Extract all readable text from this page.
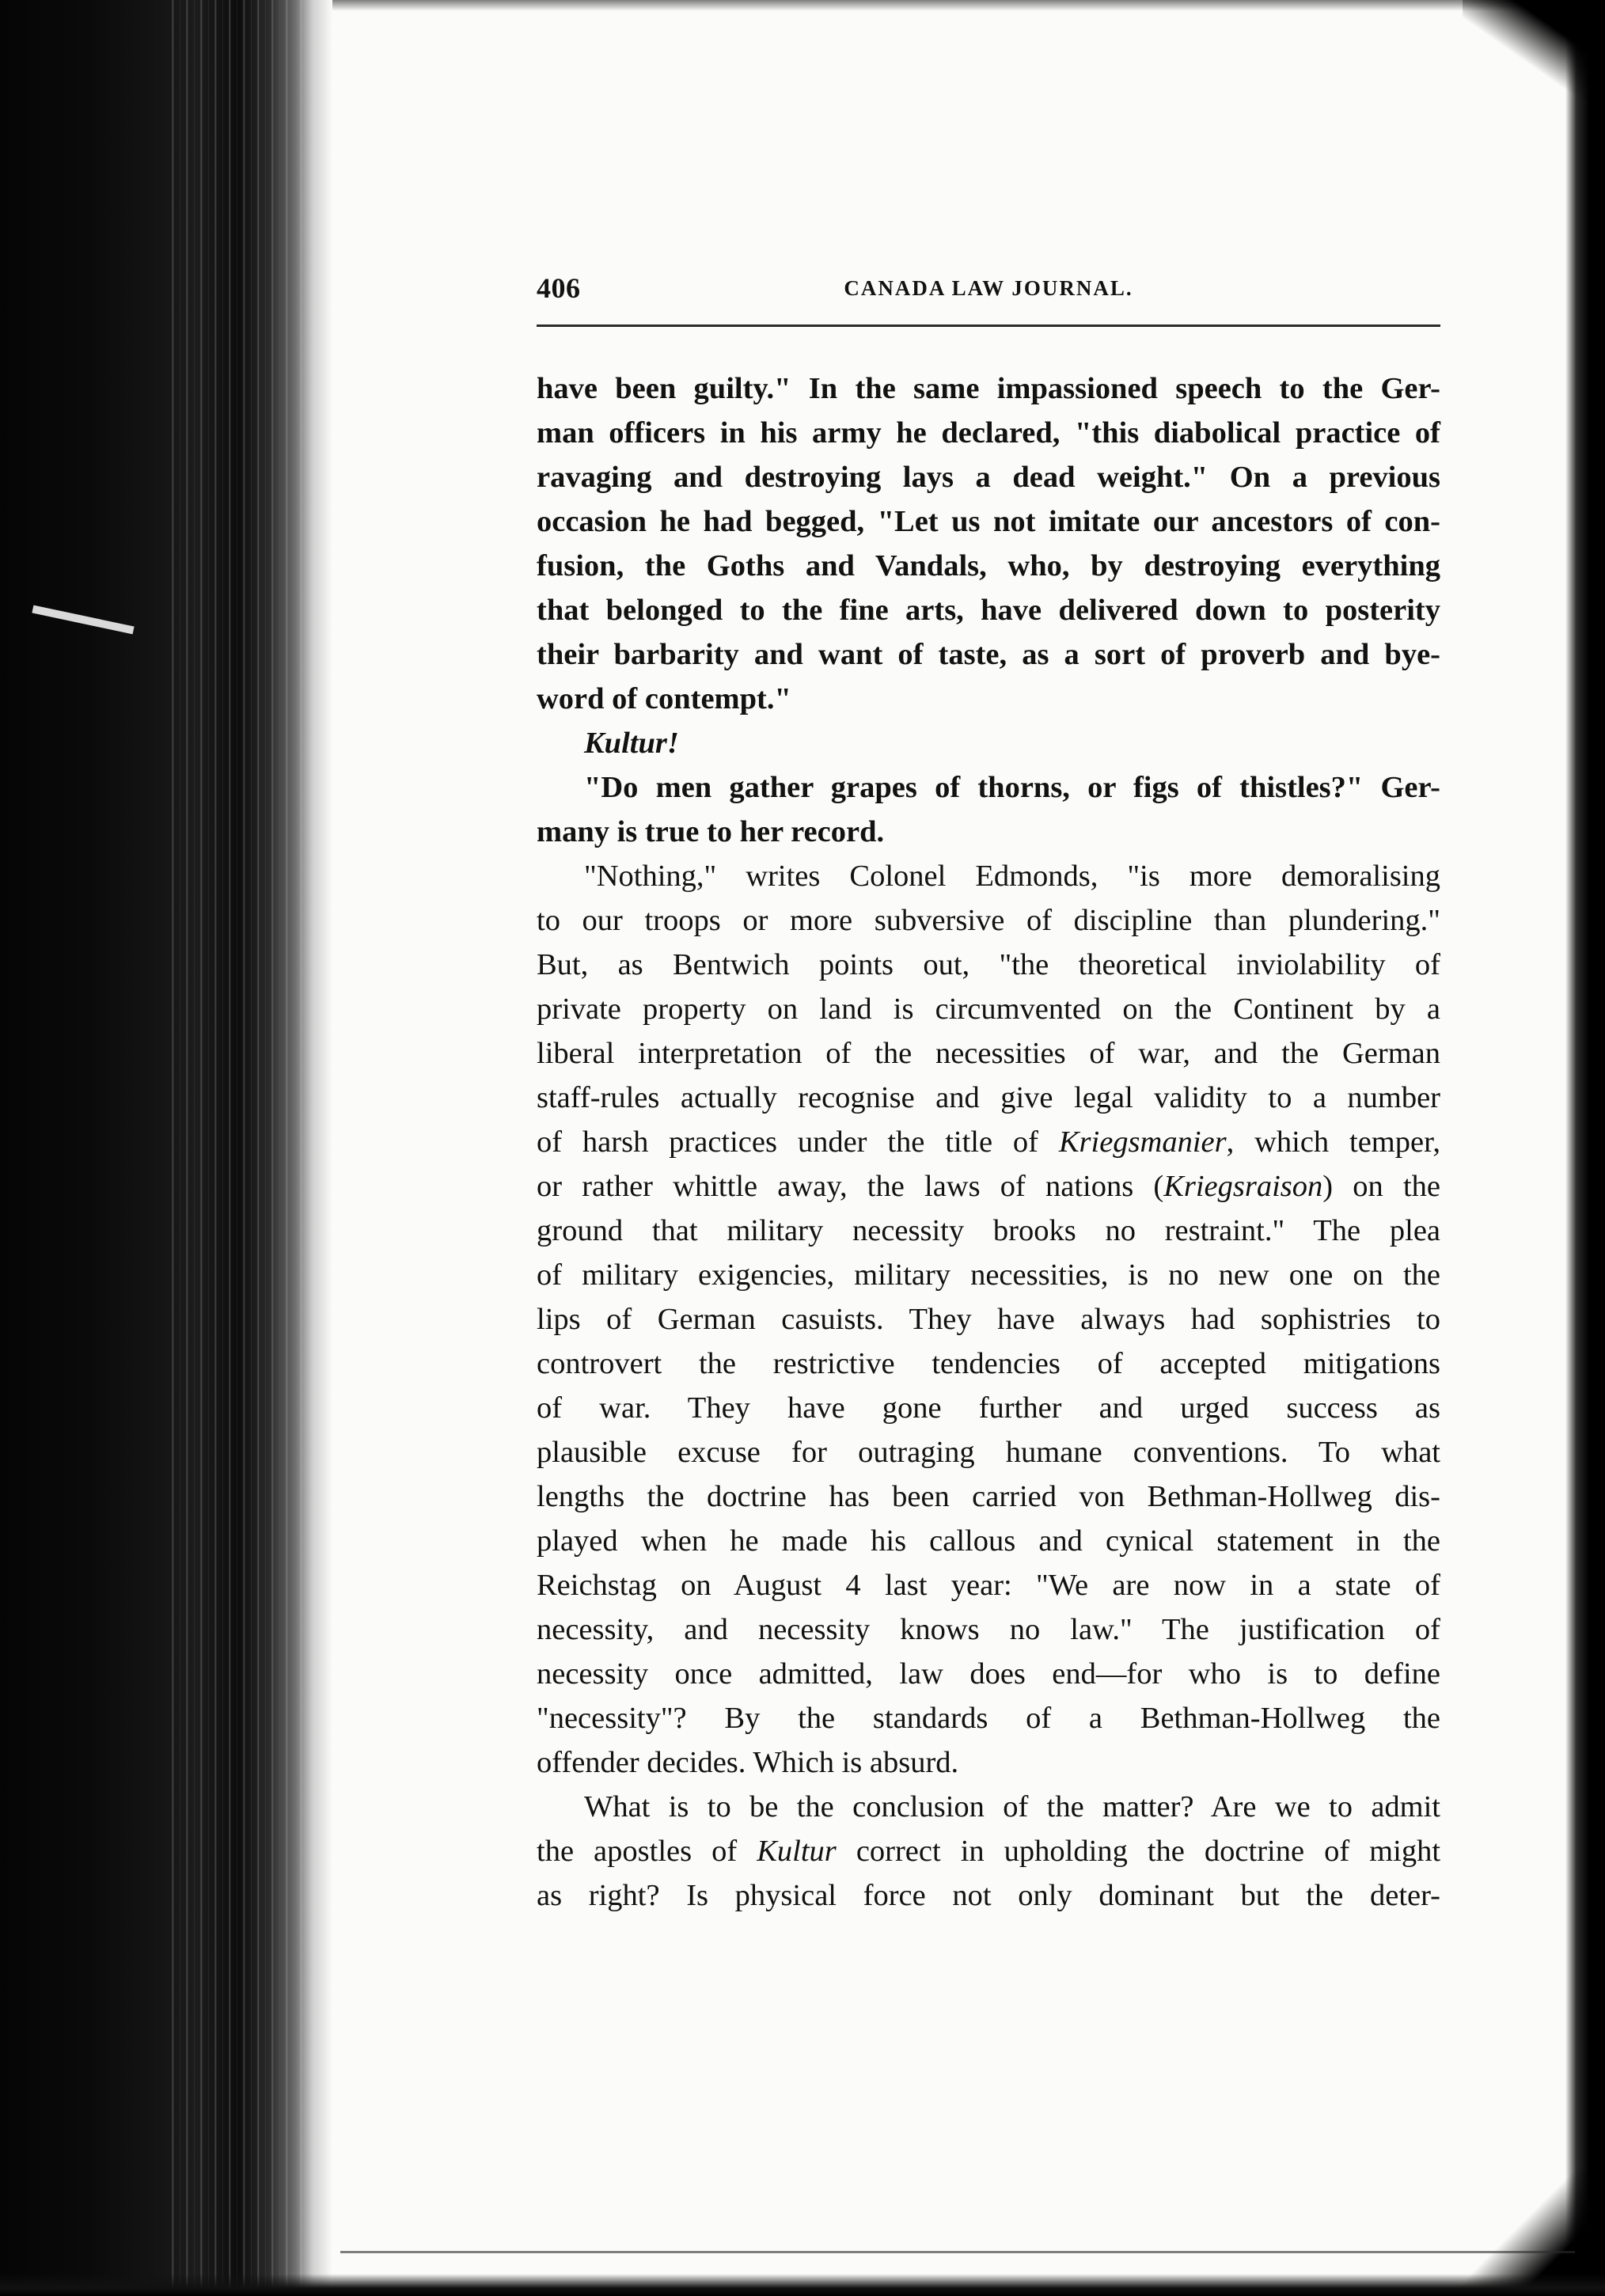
406	CANADA LAW JOURNAL.
have been guilty." In the same impassioned speech to the Ger-
man officers in his army he declared, "this diabolical practice of
ravaging and destroying lays a dead weight." On a previous
occasion he had begged, "Let us not imitate our ancestors of con-
fusion, the Goths and Vandals, who, by destroying everything
that belonged to the fine arts, have delivered down to posterity
their barbarity and want of taste, as a sort of proverb and bye-
word of contempt."
Kultur!
"Do men gather grapes of thorns, or figs of thistles?" Ger-
many is true to her record.
"Nothing," writes Colonel Edmonds, "is more demoralising
to our troops or more subversive of discipline than plundering."
But, as Bentwich points out, "the theoretical inviolability of
private property on land is circumvented on the Continent by a
liberal interpretation of the necessities of war, and the German
staff-rules actually recognise and give legal validity to a number
of harsh practices under the title of Kriegsmanier, which temper,
or rather whittle away, the laws of nations (Kriegsraison) on the
ground that military necessity brooks no restraint." The plea
of military exigencies, military necessities, is no new one on the
lips of German casuists. They have always had sophistries to
controvert the restrictive tendencies of accepted mitigations
of war. They have gone further and urged success as
plausible excuse for outraging humane conventions. To what
lengths the doctrine has been carried von Bethman-Hollweg dis-
played when he made his callous and cynical statement in the
Reichstag on August 4 last year: "We are now in a state of
necessity, and necessity knows no law." The justification of
necessity once admitted, law does end—for who is to define
"necessity"? By the standards of a Bethman-Hollweg the
offender decides. Which is absurd.
What is to be the conclusion of the matter? Are we to admit
the apostles of Kultur correct in upholding the doctrine of might
as right? Is physical force not only dominant but the deter-
